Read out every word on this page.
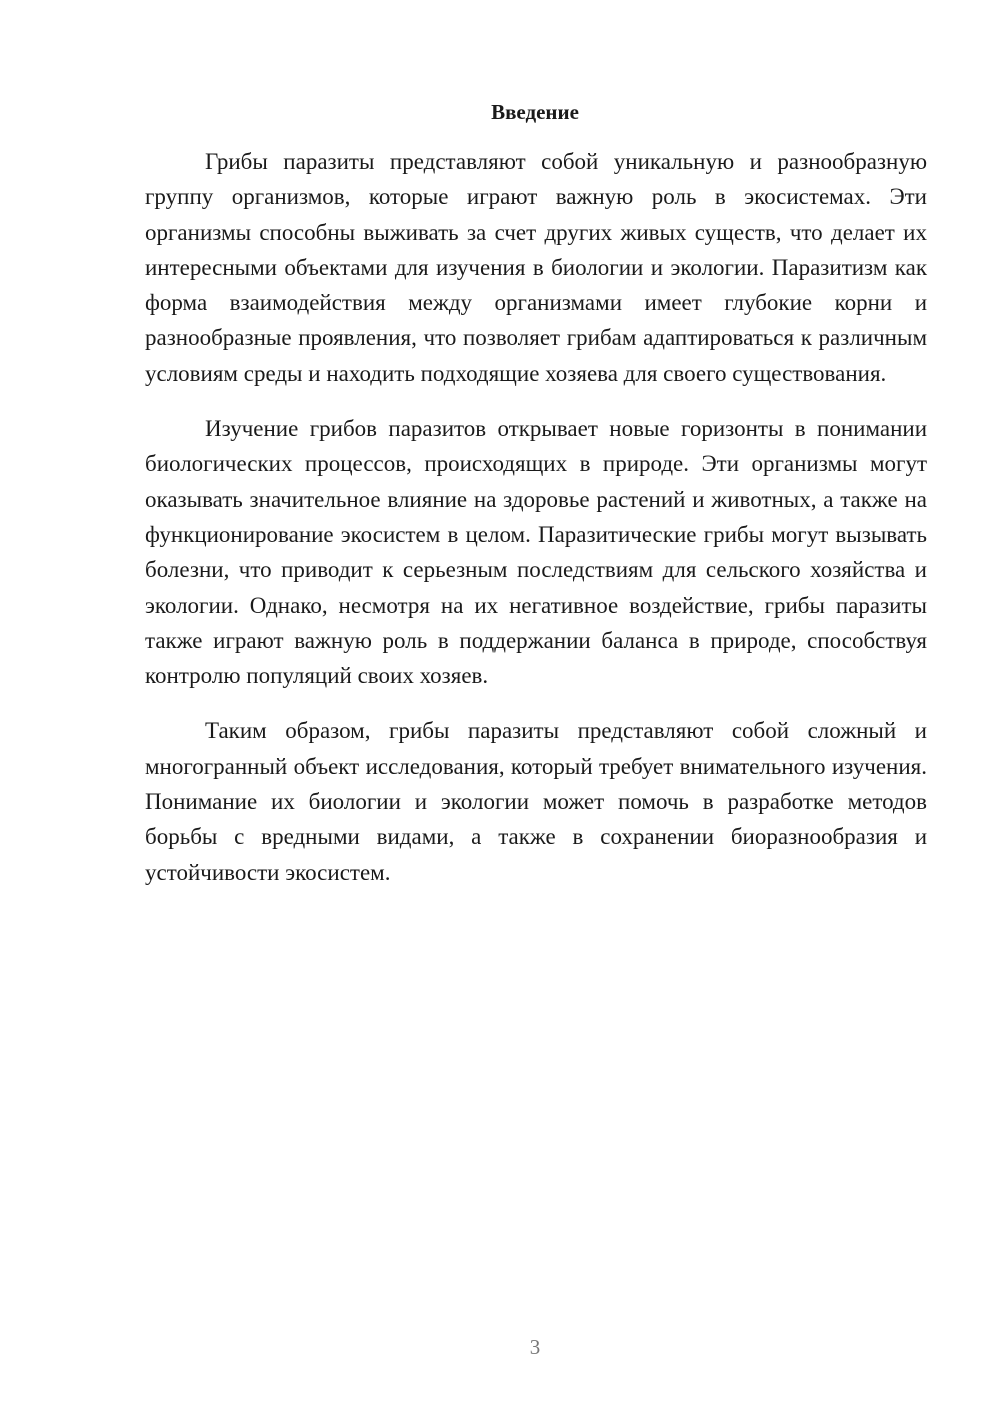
Введение

Грибы паразиты представляют собой уникальную и разнообразную группу организмов, которые играют важную роль в экосистемах. Эти организмы способны выживать за счет других живых существ, что делает их интересными объектами для изучения в биологии и экологии. Паразитизм как форма взаимодействия между организмами имеет глубокие корни и разнообразные проявления, что позволяет грибам адаптироваться к различным условиям среды и находить подходящие хозяева для своего существования.

Изучение грибов паразитов открывает новые горизонты в понимании биологических процессов, происходящих в природе. Эти организмы могут оказывать значительное влияние на здоровье растений и животных, а также на функционирование экосистем в целом. Паразитические грибы могут вызывать болезни, что приводит к серьезным последствиям для сельского хозяйства и экологии. Однако, несмотря на их негативное воздействие, грибы паразиты также играют важную роль в поддержании баланса в природе, способствуя контролю популяций своих хозяев.

Таким образом, грибы паразиты представляют собой сложный и многогранный объект исследования, который требует внимательного изучения. Понимание их биологии и экологии может помочь в разработке методов борьбы с вредными видами, а также в сохранении биоразнообразия и устойчивости экосистем.

3
